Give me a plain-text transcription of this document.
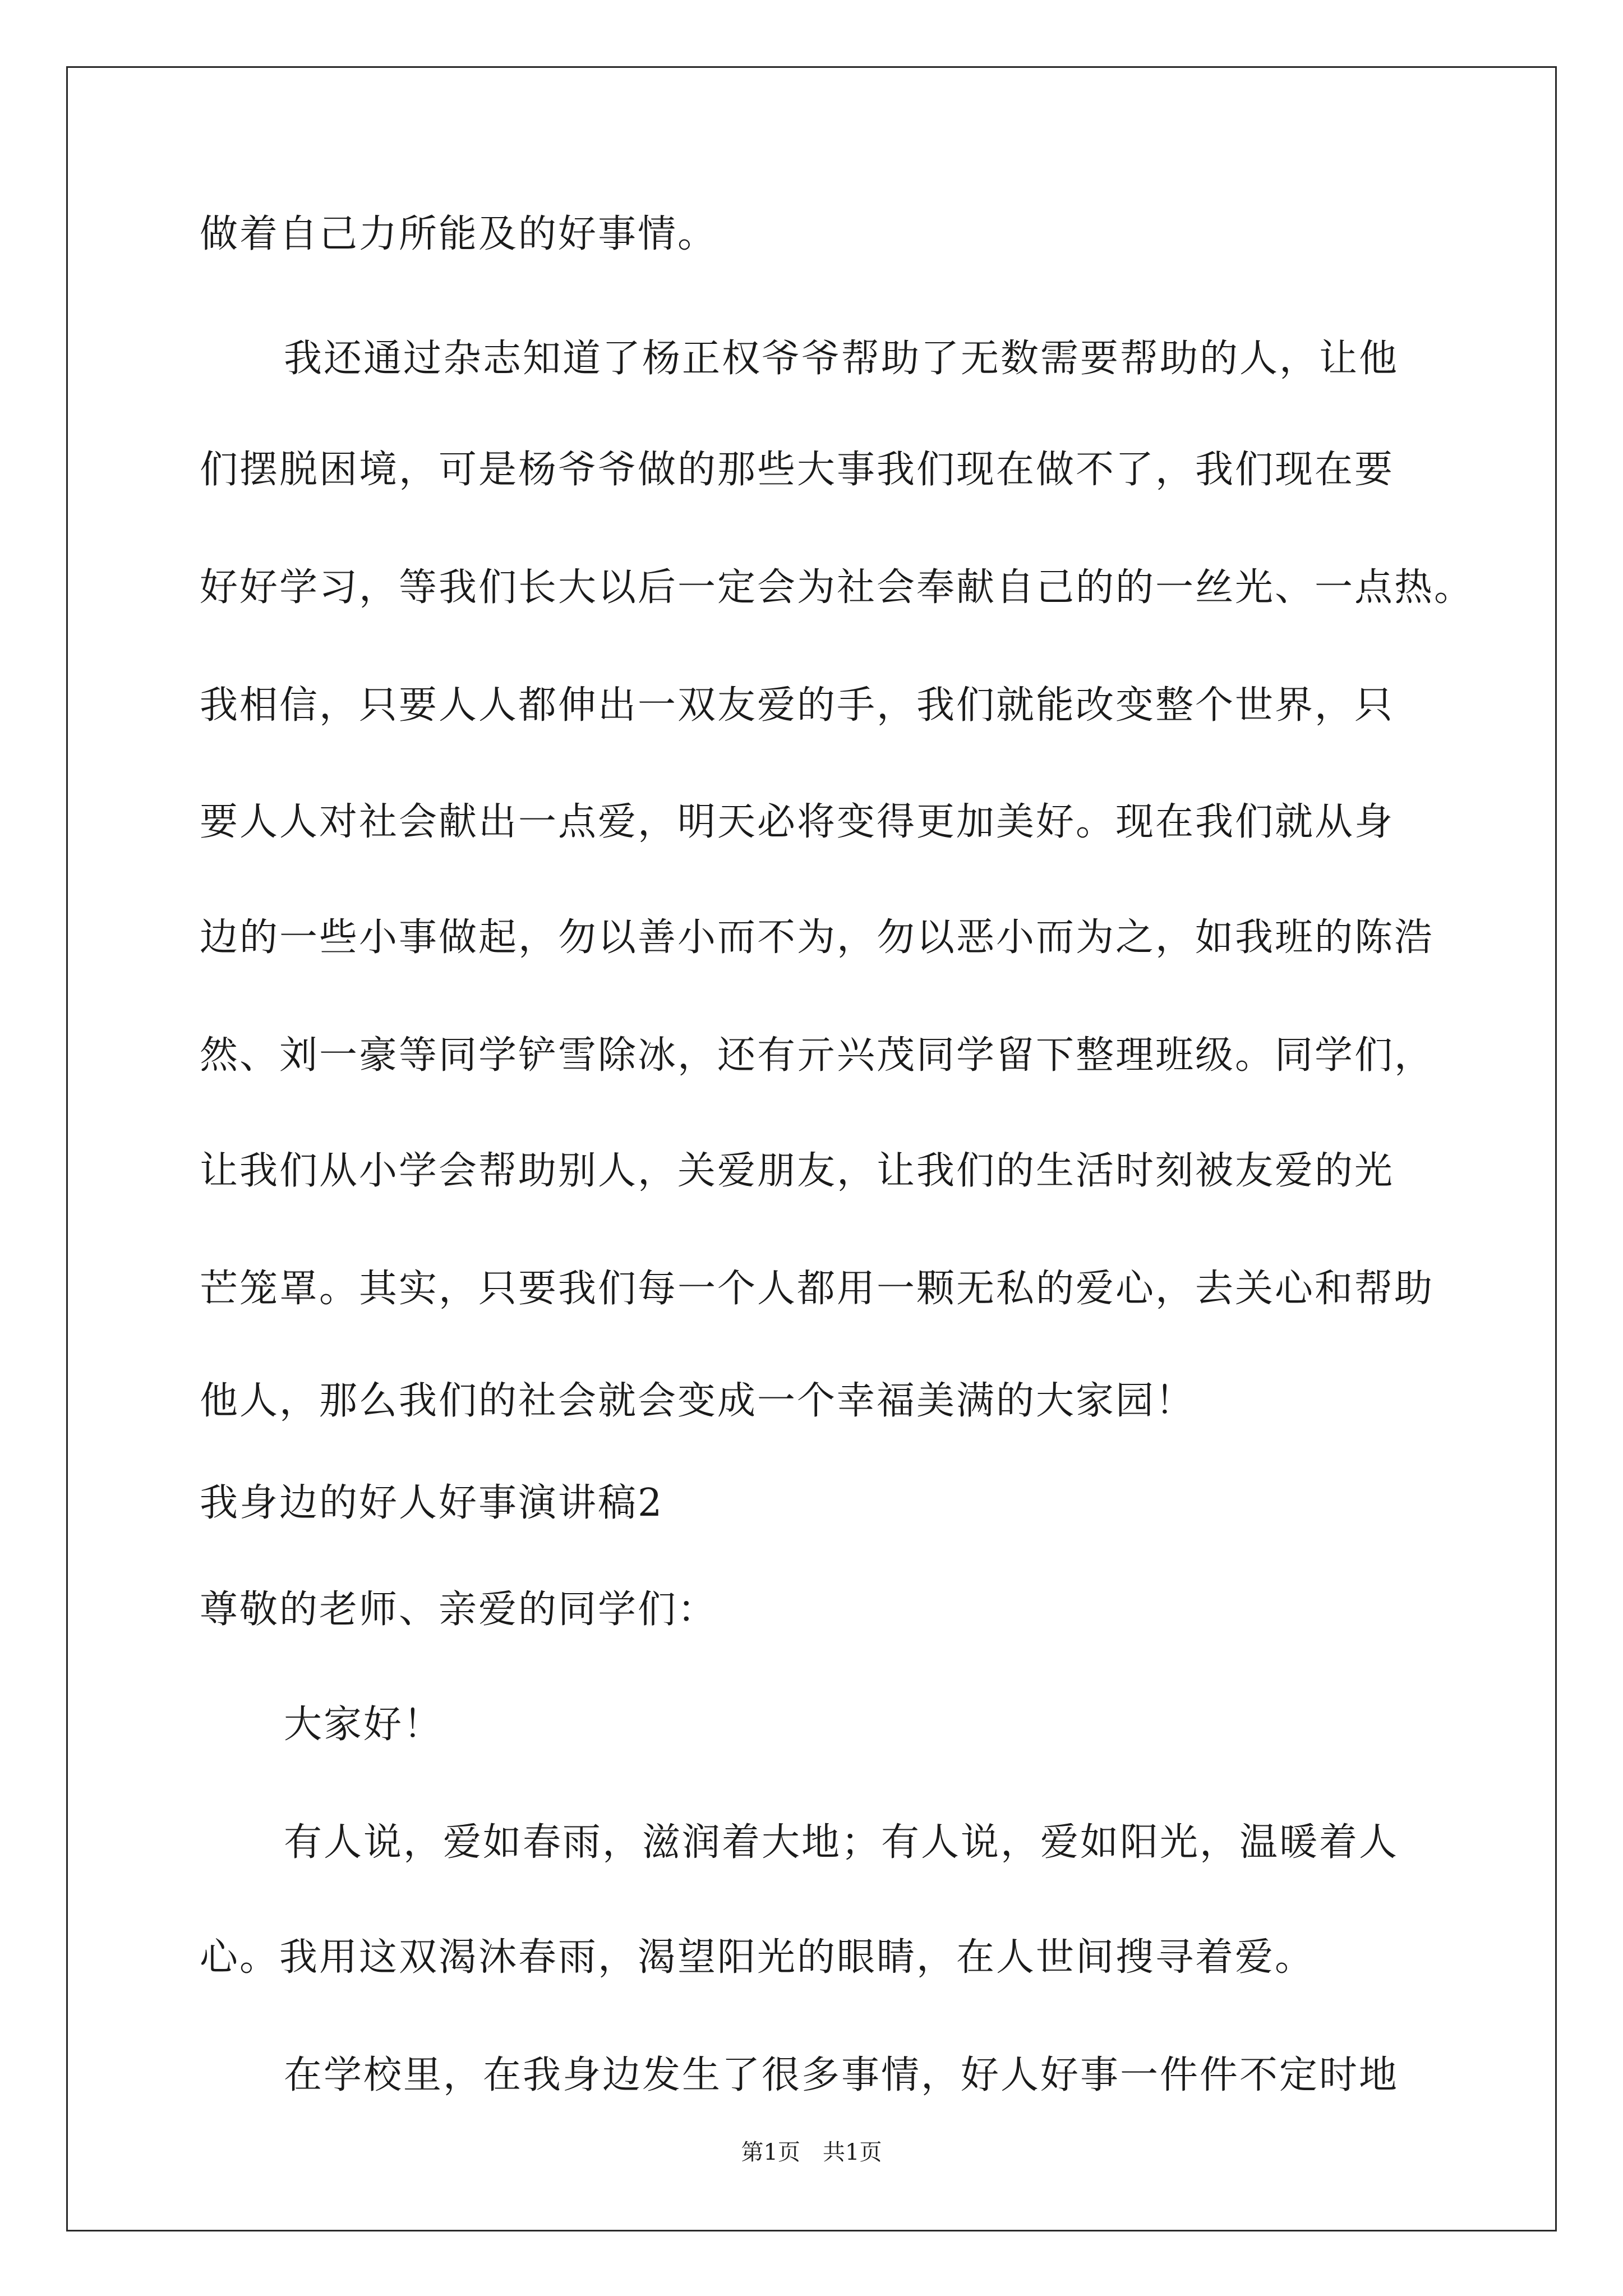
做着自己力所能及的好事情。
我还通过杂志知道了杨正权爷爷帮助了无数需要帮助的人，让他
们摆脱困境，可是杨爷爷做的那些大事我们现在做不了，我们现在要
好好学习，等我们长大以后一定会为社会奉献自己的的一丝光、一点热。
我相信，只要人人都伸出一双友爱的手，我们就能改变整个世界，只
要人人对社会献出一点爱，明天必将变得更加美好。现在我们就从身
边的一些小事做起，勿以善小而不为，勿以恶小而为之，如我班的陈浩
然、刘一豪等同学铲雪除冰，还有亓兴茂同学留下整理班级。同学们，
让我们从小学会帮助别人，关爱朋友，让我们的生活时刻被友爱的光
芒笼罩。其实，只要我们每一个人都用一颗无私的爱心，去关心和帮助
他人，那么我们的社会就会变成一个幸福美满的大家园！
我身边的好人好事演讲稿2
尊敬的老师、亲爱的同学们：
大家好！
有人说，爱如春雨，滋润着大地；有人说，爱如阳光，温暖着人
心。我用这双渴沐春雨，渴望阳光的眼睛，在人世间搜寻着爱。
在学校里，在我身边发生了很多事情，好人好事一件件不定时地
第1页　共1页
